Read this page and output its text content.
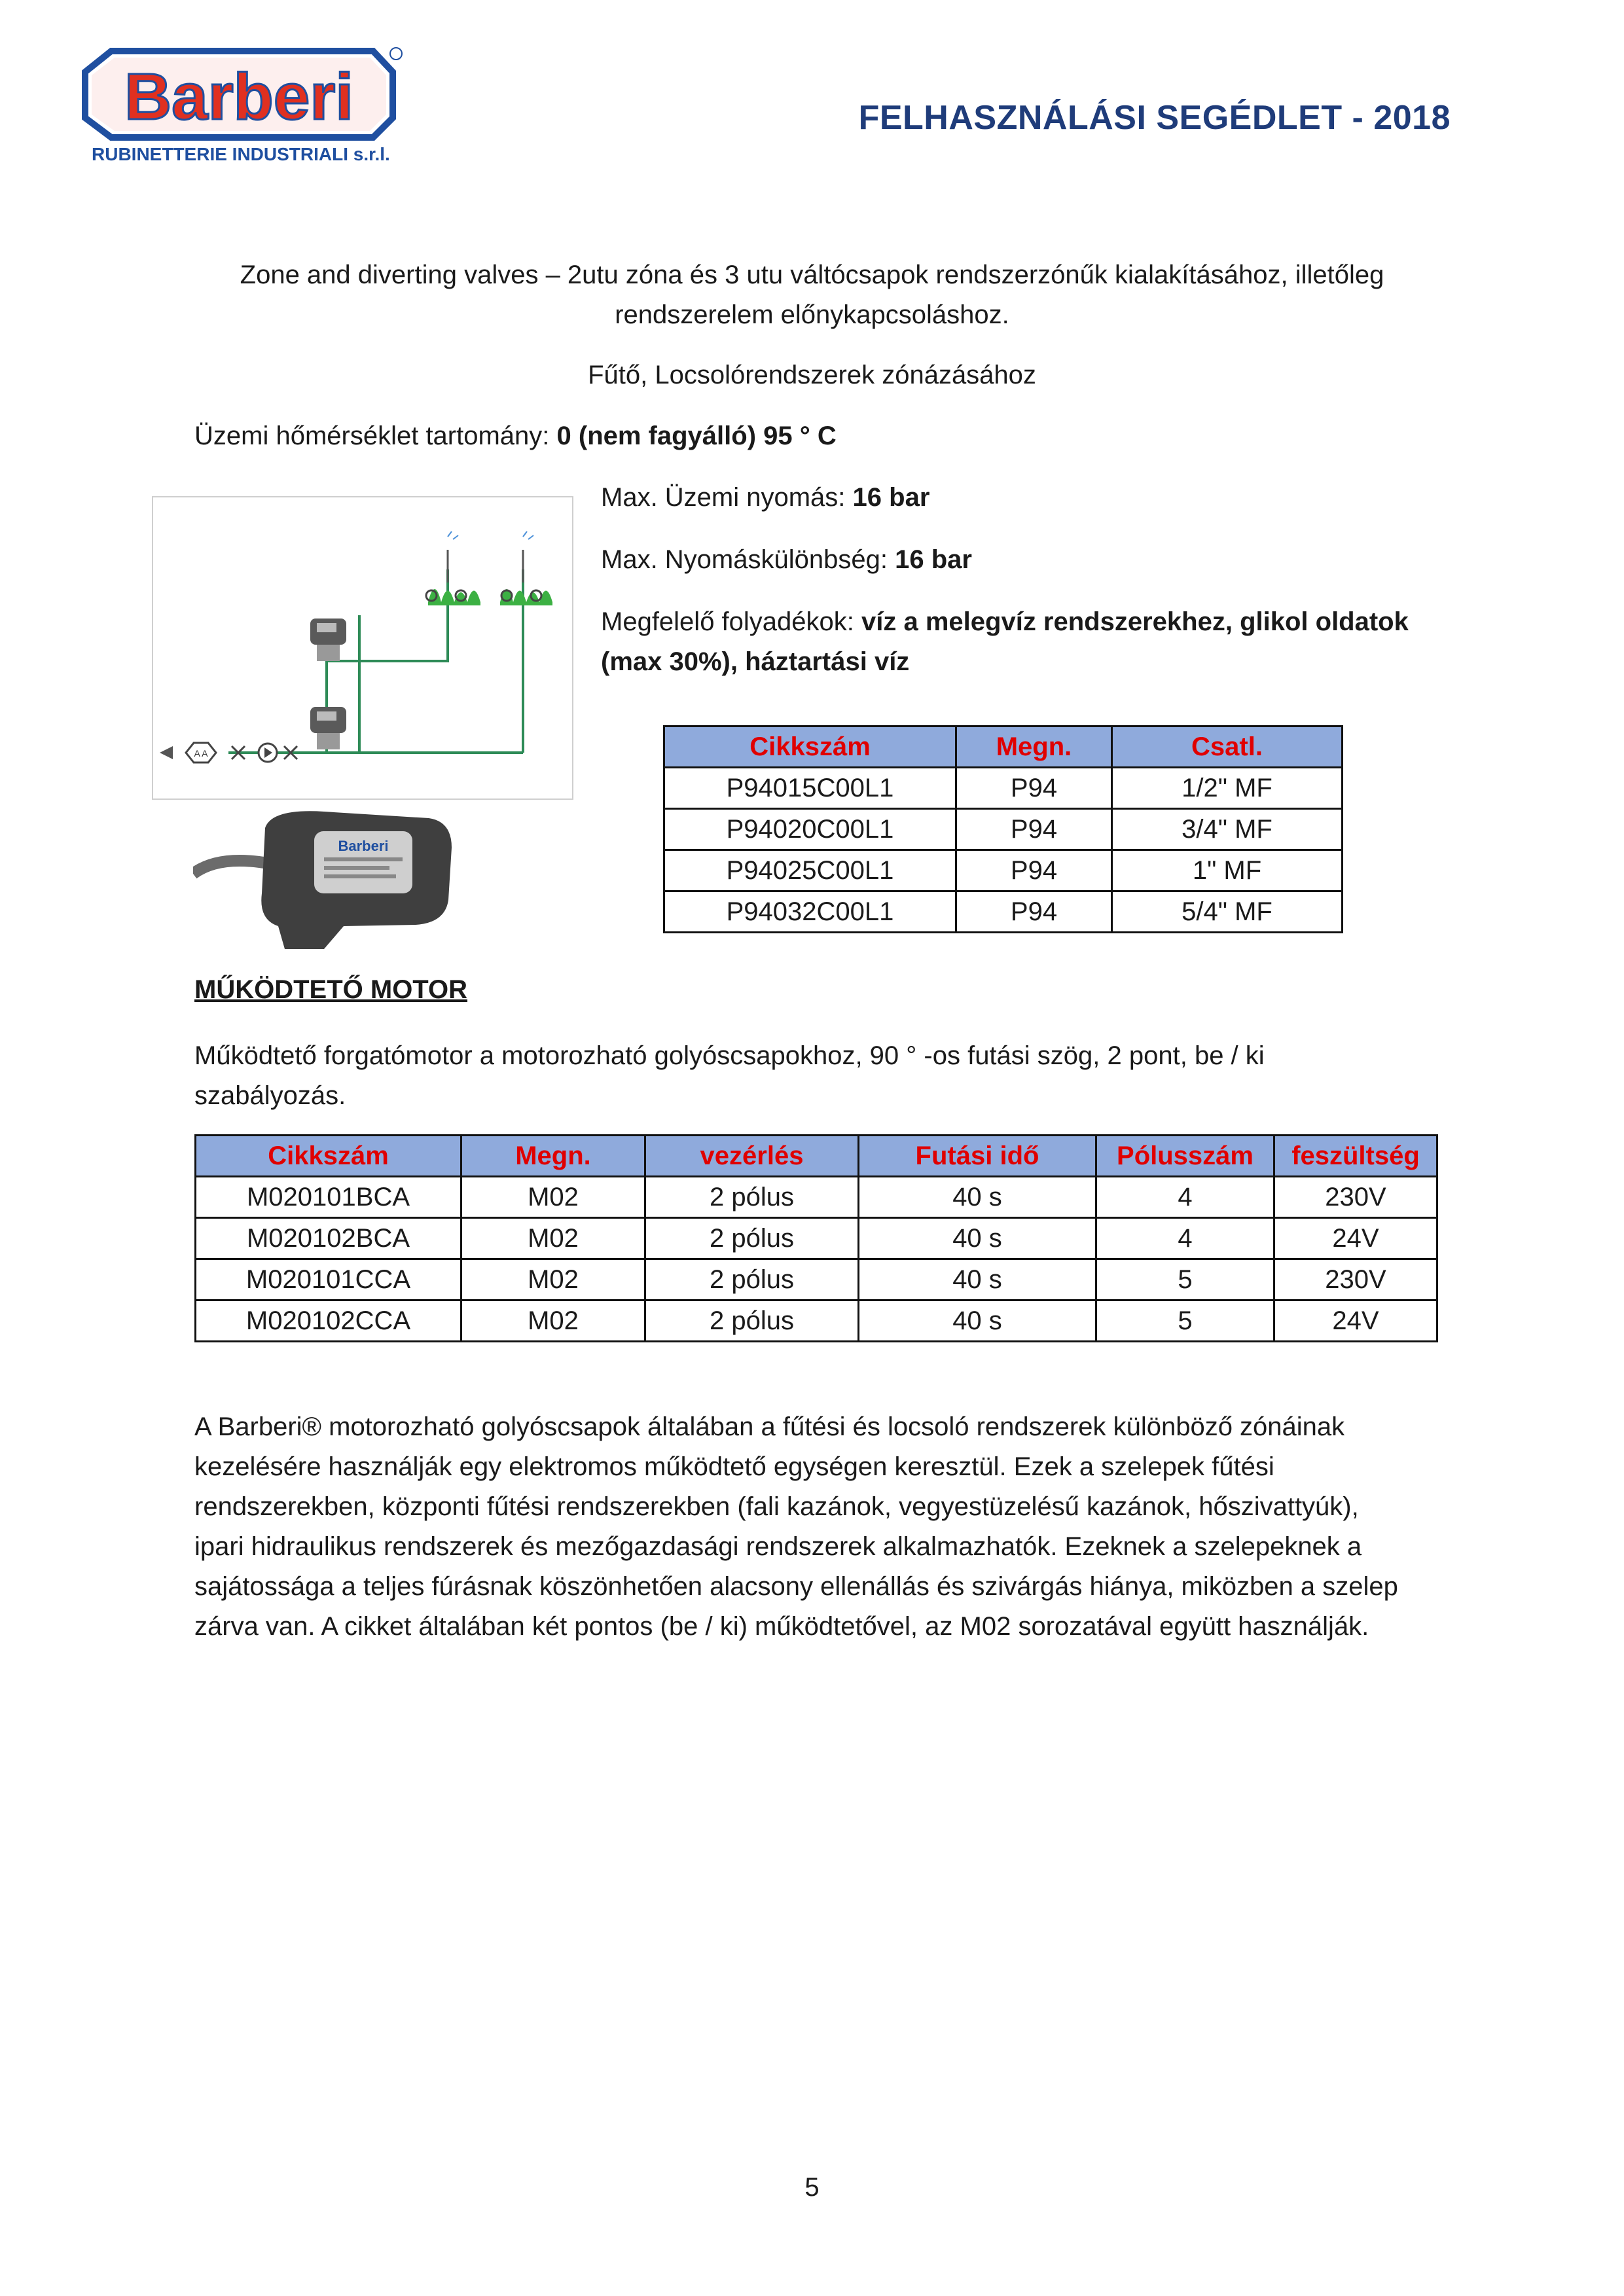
Barberi
RUBINETTERIE INDUSTRIALI s.r.l.
FELHASZNÁLÁSI SEGÉDLET - 2018
Zone and diverting valves – 2utu zóna és 3 utu váltócsapok rendszerzónűk kialakításához, illetőleg
rendszerelem előnykapcsoláshoz.
Fűtő, Locsolórendszerek zónázásához
Üzemi hőmérséklet tartomány: 0 (nem fagyálló) 95 ° C
Max. Üzemi nyomás: 16 bar
Max. Nyomáskülönbség: 16 bar
Megfelelő folyadékok: víz a melegvíz rendszerekhez, glikol oldatok
(max 30%), háztartási víz
A A
Barberi
Cikkszám	Megn.	Csatl.
P94015C00L1	P94	1/2" MF
P94020C00L1	P94	3/4" MF
P94025C00L1	P94	1" MF
P94032C00L1	P94	5/4" MF
MŰKÖDTETŐ MOTOR
Működtető forgatómotor a motorozható golyóscsapokhoz, 90 ° -os futási szög, 2 pont, be / ki
szabályozás.
Cikkszám	Megn.	vezérlés	Futási idő	Pólusszám	feszültség
M020101BCA	M02	2 pólus	40 s	4	230V
M020102BCA	M02	2 pólus	40 s	4	24V
M020101CCA	M02	2 pólus	40 s	5	230V
M020102CCA	M02	2 pólus	40 s	5	24V
A Barberi® motorozható golyóscsapok általában a fűtési és locsoló rendszerek különböző zónáinak
kezelésére használják egy elektromos működtető egységen keresztül. Ezek a szelepek fűtési
rendszerekben, központi fűtési rendszerekben (fali kazánok, vegyestüzelésű kazánok, hőszivattyúk),
ipari hidraulikus rendszerek és mezőgazdasági rendszerek alkalmazhatók. Ezeknek a szelepeknek a
sajátossága a teljes fúrásnak köszönhetően alacsony ellenállás és szivárgás hiánya, miközben a szelep
zárva van. A cikket általában két pontos (be / ki) működtetővel, az M02 sorozatával együtt használják.
5
